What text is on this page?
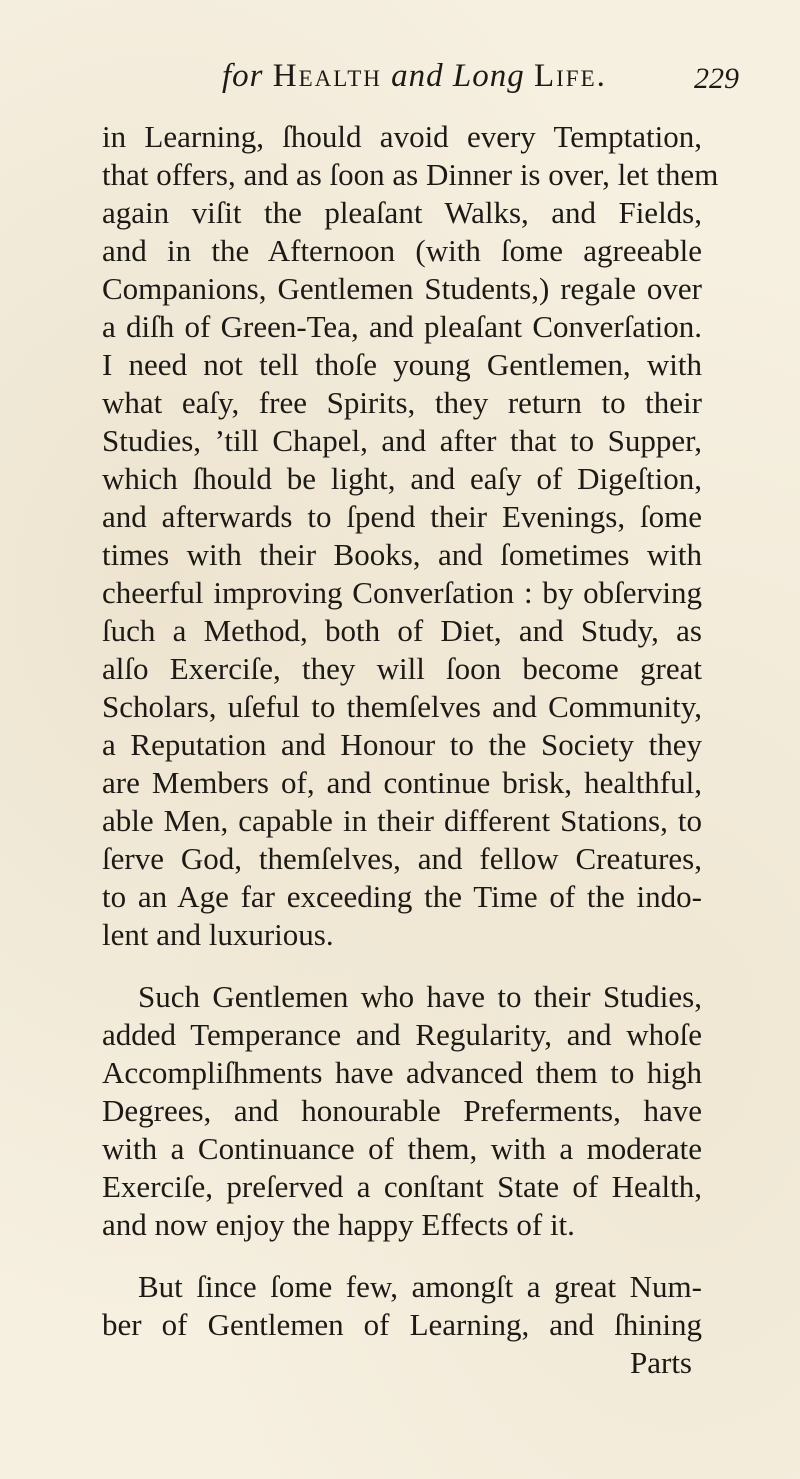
for Health and Long Life.	229
in Learning, ſhould avoid every Temptation,
that offers, and as ſoon as Dinner is over, let them
again viſit the pleaſant Walks, and Fields,
and in the Afternoon (with ſome agreeable
Companions, Gentlemen Students,) regale over
a diſh of Green-Tea, and pleaſant Converſation.
I need not tell thoſe young Gentlemen, with
what eaſy, free Spirits, they return to their
Studies, ’till Chapel, and after that to Supper,
which ſhould be light, and eaſy of Digeſtion,
and afterwards to ſpend their Evenings, ſome
times with their Books, and ſometimes with
cheerful improving Converſation : by obſerving
ſuch a Method, both of Diet, and Study, as
alſo Exerciſe, they will ſoon become great
Scholars, uſeful to themſelves and Community,
a Reputation and Honour to the Society they
are Members of, and continue brisk, healthful,
able Men, capable in their different Stations, to
ſerve God, themſelves, and fellow Creatures,
to an Age far exceeding the Time of the indo-
lent and luxurious.
Such Gentlemen who have to their Studies,
added Temperance and Regularity, and whoſe
Accompliſhments have advanced them to high
Degrees, and honourable Preferments, have
with a Continuance of them, with a moderate
Exerciſe, preſerved a conſtant State of Health,
and now enjoy the happy Effects of it.
But ſince ſome few, amongſt a great Num-
ber of Gentlemen of Learning, and ſhining
Parts
